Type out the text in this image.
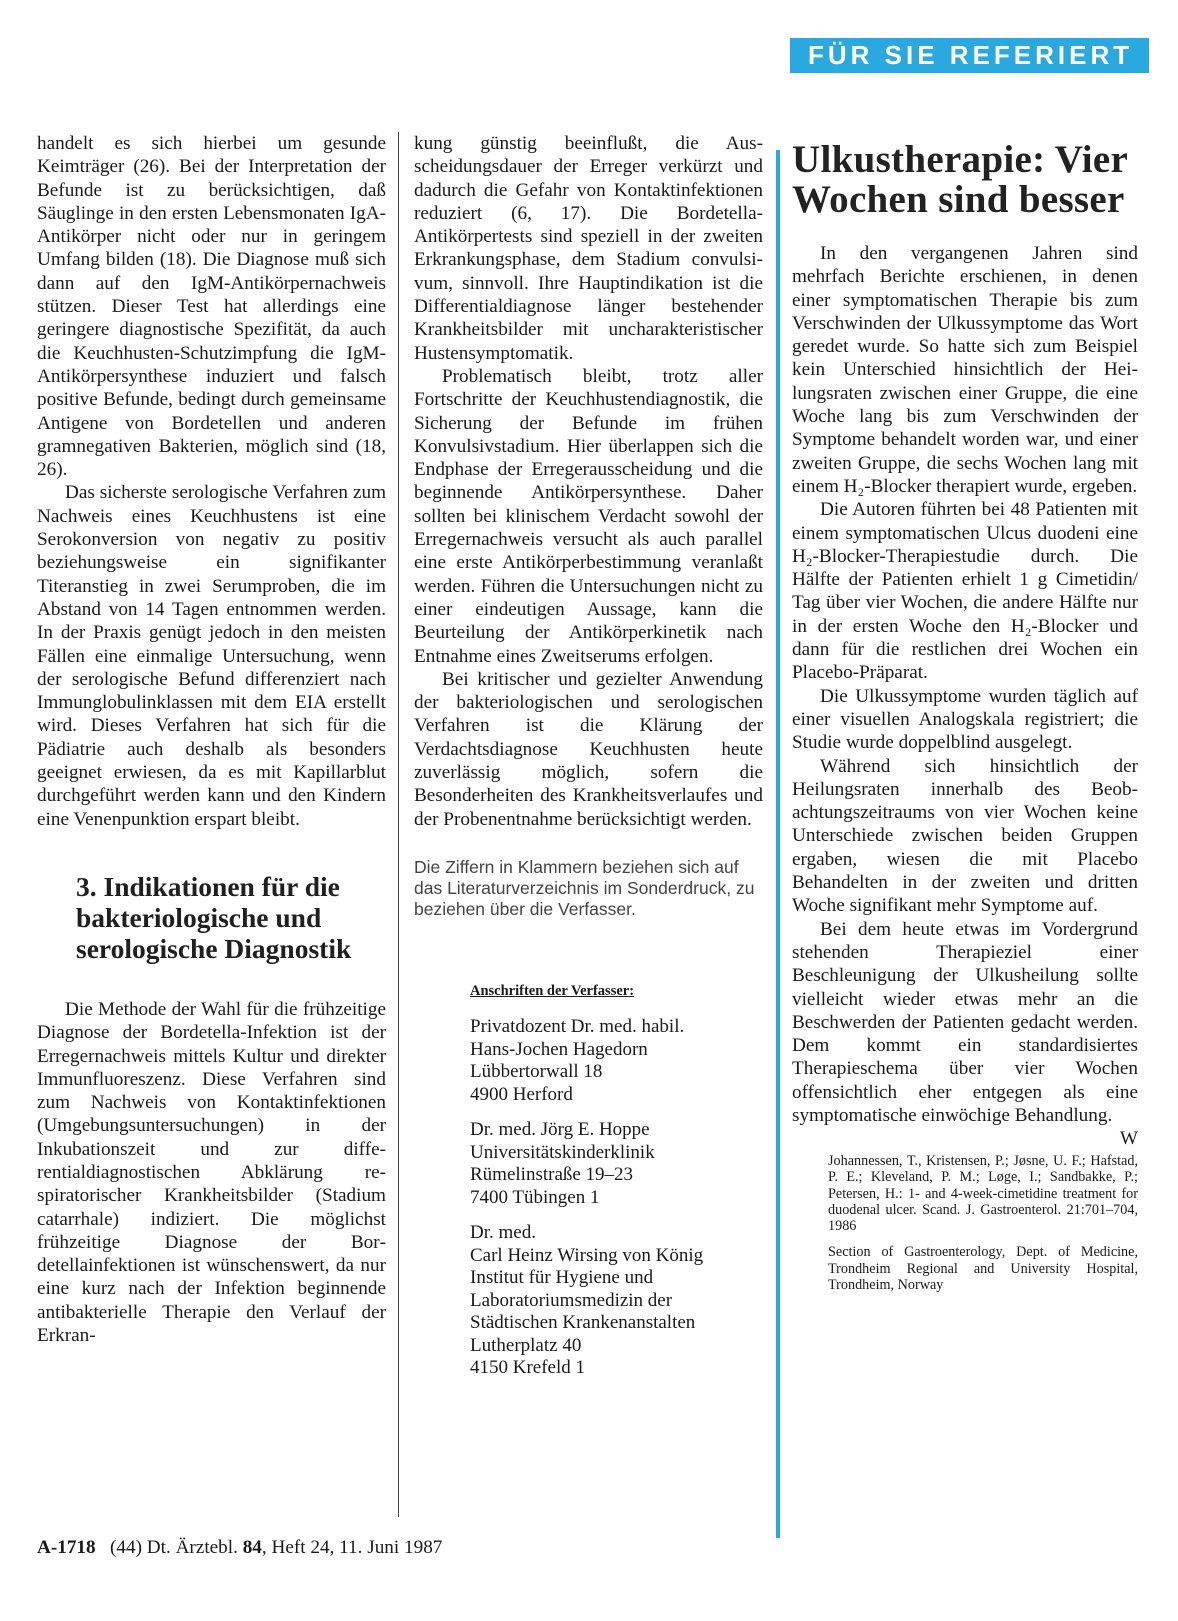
FÜR SIE REFERIERT

handelt es sich hierbei um gesunde Keimträger (26). Bei der Interpretation der Befunde ist zu berücksichtigen, daß Säuglinge in den ersten Lebensmonaten IgA-Antikörper nicht oder nur in geringem Umfang bilden (18). Die Diagnose muß sich dann auf den IgM-Antikörpernachweis stützen. Dieser Test hat allerdings eine geringere diagnostische Spezifität, da auch die Keuchhusten-Schutzimpfung die IgM-Antikörpersynthese induziert und falsch positive Befunde, bedingt durch gemeinsame Antigene von Bordetellen und anderen gramnegativen Bakterien, möglich sind (18, 26).

Das sicherste serologische Verfahren zum Nachweis eines Keuchhustens ist eine Serokonversion von negativ zu positiv beziehungsweise ein signifikanter Titeranstieg in zwei Serumproben, die im Abstand von 14 Tagen entnommen werden. In der Praxis genügt jedoch in den meisten Fällen eine einmalige Untersuchung, wenn der serologische Befund differenziert nach Immunglobulinklassen mit dem EIA erstellt wird. Dieses Verfahren hat sich für die Pädiatrie auch deshalb als besonders geeignet erwiesen, da es mit Kapillarblut durchgeführt werden kann und den Kindern eine Venenpunktion erspart bleibt.

3. Indikationen für die bakteriologische und serologische Diagnostik

Die Methode der Wahl für die frühzeitige Diagnose der Bordetella-Infektion ist der Erregernachweis mittels Kultur und direkter Immunfluoreszenz. Diese Verfahren sind zum Nachweis von Kontaktinfektionen (Umgebungsuntersuchungen) in der Inkubationszeit und zur differentialdiagnostischen Abklärung respiratorischer Krankheitsbilder (Stadium catarrhale) indiziert. Die möglichst frühzeitige Diagnose der Bordetellainfektionen ist wünschenswert, da nur eine kurz nach der Infektion beginnende antibakterielle Therapie den Verlauf der Erkran-

kung günstig beeinflußt, die Ausscheidungsdauer der Erreger verkürzt und dadurch die Gefahr von Kontaktinfektionen reduziert (6, 17). Die Bordetella-Antikörpertests sind speziell in der zweiten Erkrankungsphase, dem Stadium convulsivum, sinnvoll. Ihre Hauptindikation ist die Differentialdiagnose länger bestehender Krankheitsbilder mit uncharakteristischer Hustensymptomatik.

Problematisch bleibt, trotz aller Fortschritte der Keuchhustendiagnostik, die Sicherung der Befunde im frühen Konvulsivstadium. Hier überlappen sich die Endphase der Erregerausscheidung und die beginnende Antikörpersynthese. Daher sollten bei klinischem Verdacht sowohl der Erregernachweis versucht als auch parallel eine erste Antikörperbestimmung veranlaßt werden. Führen die Untersuchungen nicht zu einer eindeutigen Aussage, kann die Beurteilung der Antikörperkinetik nach Entnahme eines Zweitserums erfolgen.

Bei kritischer und gezielter Anwendung der bakteriologischen und serologischen Verfahren ist die Klärung der Verdachtsdiagnose Keuchhusten heute zuverlässig möglich, sofern die Besonderheiten des Krankheitsverlaufes und der Probenentnahme berücksichtigt werden.

Die Ziffern in Klammern beziehen sich auf das Literaturverzeichnis im Sonderdruck, zu beziehen über die Verfasser.
Anschriften der Verfasser:

Privatdozent Dr. med. habil.
Hans-Jochen Hagedorn
Lübbertorwall 18
4900 Herford

Dr. med. Jörg E. Hoppe
Universitätskinderklinik
Rümelinstraße 19–23
7400 Tübingen 1

Dr. med.
Carl Heinz Wirsing von König
Institut für Hygiene und
Laboratoriumsmedizin der
Städtischen Krankenanstalten
Lutherplatz 40
4150 Krefeld 1

Ulkustherapie: Vier Wochen sind besser

In den vergangenen Jahren sind mehrfach Berichte erschienen, in denen einer symptomatischen Therapie bis zum Verschwinden der Ulkussymptome das Wort geredet wurde. So hatte sich zum Beispiel kein Unterschied hinsichtlich der Heilungsraten zwischen einer Gruppe, die eine Woche lang bis zum Verschwinden der Symptome behandelt worden war, und einer zweiten Gruppe, die sechs Wochen lang mit einem H₂-Blocker therapiert wurde, ergeben.

Die Autoren führten bei 48 Patienten mit einem symptomatischen Ulcus duodeni eine H₂-Blocker-Therapiestudie durch. Die Hälfte der Patienten erhielt 1 g Cimetidin/ Tag über vier Wochen, die andere Hälfte nur in der ersten Woche den H₂-Blocker und dann für die restlichen drei Wochen ein Placebo-Präparat.

Die Ulkussymptome wurden täglich auf einer visuellen Analogskala registriert; die Studie wurde doppelblind ausgelegt.

Während sich hinsichtlich der Heilungsraten innerhalb des Beobachtungszeitraums von vier Wochen keine Unterschiede zwischen beiden Gruppen ergaben, wiesen die mit Placebo Behandelten in der zweiten und dritten Woche signifikant mehr Symptome auf.

Bei dem heute etwas im Vordergrund stehenden Therapieziel einer Beschleunigung der Ulkusheilung sollte vielleicht wieder etwas mehr an die Beschwerden der Patienten gedacht werden. Dem kommt ein standardisiertes Therapieschema über vier Wochen offensichtlich eher entgegen als eine symptomatische einwöchige Behandlung.
W

Johannessen, T., Kristensen, P.; Jøsne, U. F.; Hafstad, P. E.; Kleveland, P. M.; Løge, I.; Sandbakke, P.; Petersen, H.: 1- and 4-week-cimetidine treatment for duodenal ulcer. Scand. J. Gastroenterol. 21:701–704, 1986

Section of Gastroenterology, Dept. of Medicine, Trondheim Regional and University Hospital, Trondheim, Norway

A-1718 (44) Dt. Ärztebl. 84, Heft 24, 11. Juni 1987
